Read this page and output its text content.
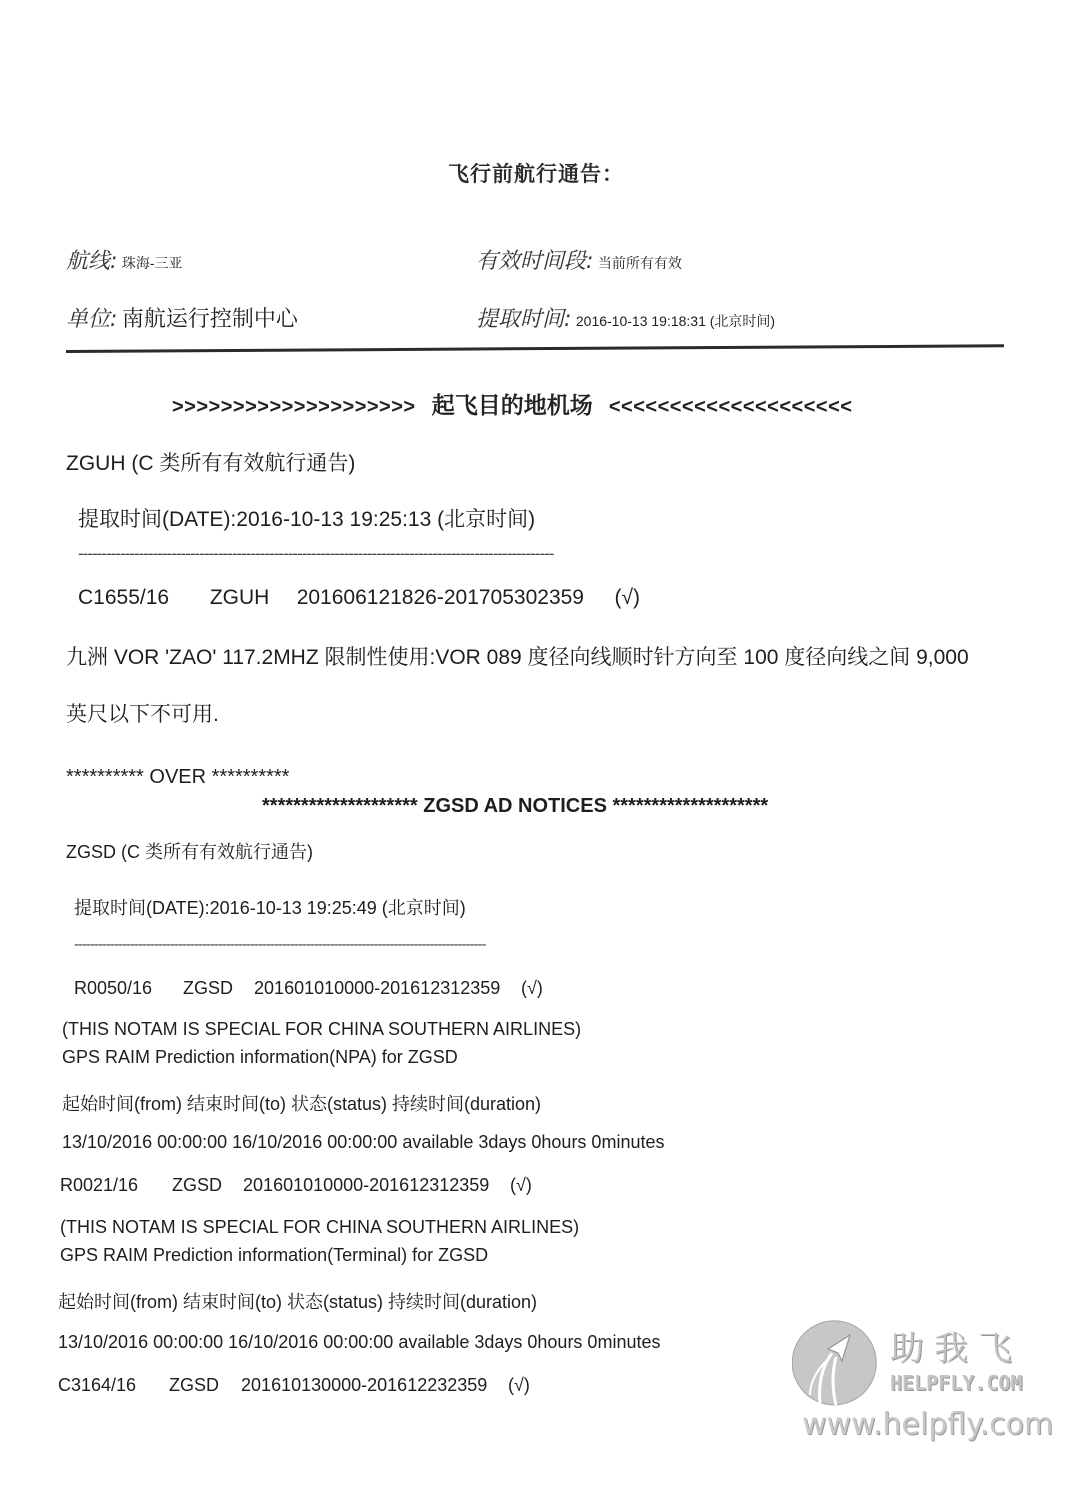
飞行前航行通告：
航线: 珠海-三亚
单位: 南航运行控制中心
有效时间段: 当前所有有效
提取时间: 2016-10-13 19:18:31 (北京时间)
>>>>>>>>>>>>>>>>>>>> 起飞目的地机场 <<<<<<<<<<<<<<<<<<<<
ZGUH (C 类所有有效航行通告)
提取时间(DATE):2016-10-13 19:25:13 (北京时间)
------------------------------------------------------------------------------------------------------
C1655/16 ZGUH 201606121826-201705302359 (√)
九洲 VOR 'ZAO' 117.2MHZ 限制性使用:VOR 089 度径向线顺时针方向至 100 度径向线之间 9,000
英尺以下不可用.
********** OVER **********
******************** ZGSD AD NOTICES ********************
ZGSD (C 类所有有效航行通告)
提取时间(DATE):2016-10-13 19:25:49 (北京时间)
-------------------------------------------------------------------------------------------------------
R0050/16 ZGSD 201601010000-201612312359 (√)
(THIS NOTAM IS SPECIAL FOR CHINA SOUTHERN AIRLINES)
GPS RAIM Prediction information(NPA) for ZGSD
起始时间(from) 结束时间(to) 状态(status) 持续时间(duration)
13/10/2016 00:00:00 16/10/2016 00:00:00 available 3days 0hours 0minutes
R0021/16 ZGSD 201601010000-201612312359 (√)
(THIS NOTAM IS SPECIAL FOR CHINA SOUTHERN AIRLINES)
GPS RAIM Prediction information(Terminal) for ZGSD
起始时间(from) 结束时间(to) 状态(status) 持续时间(duration)
13/10/2016 00:00:00 16/10/2016 00:00:00 available 3days 0hours 0minutes
C3164/16 ZGSD 201610130000-201612232359 (√)
助我飞
HELPFLY.COM
www.helpfly.com
